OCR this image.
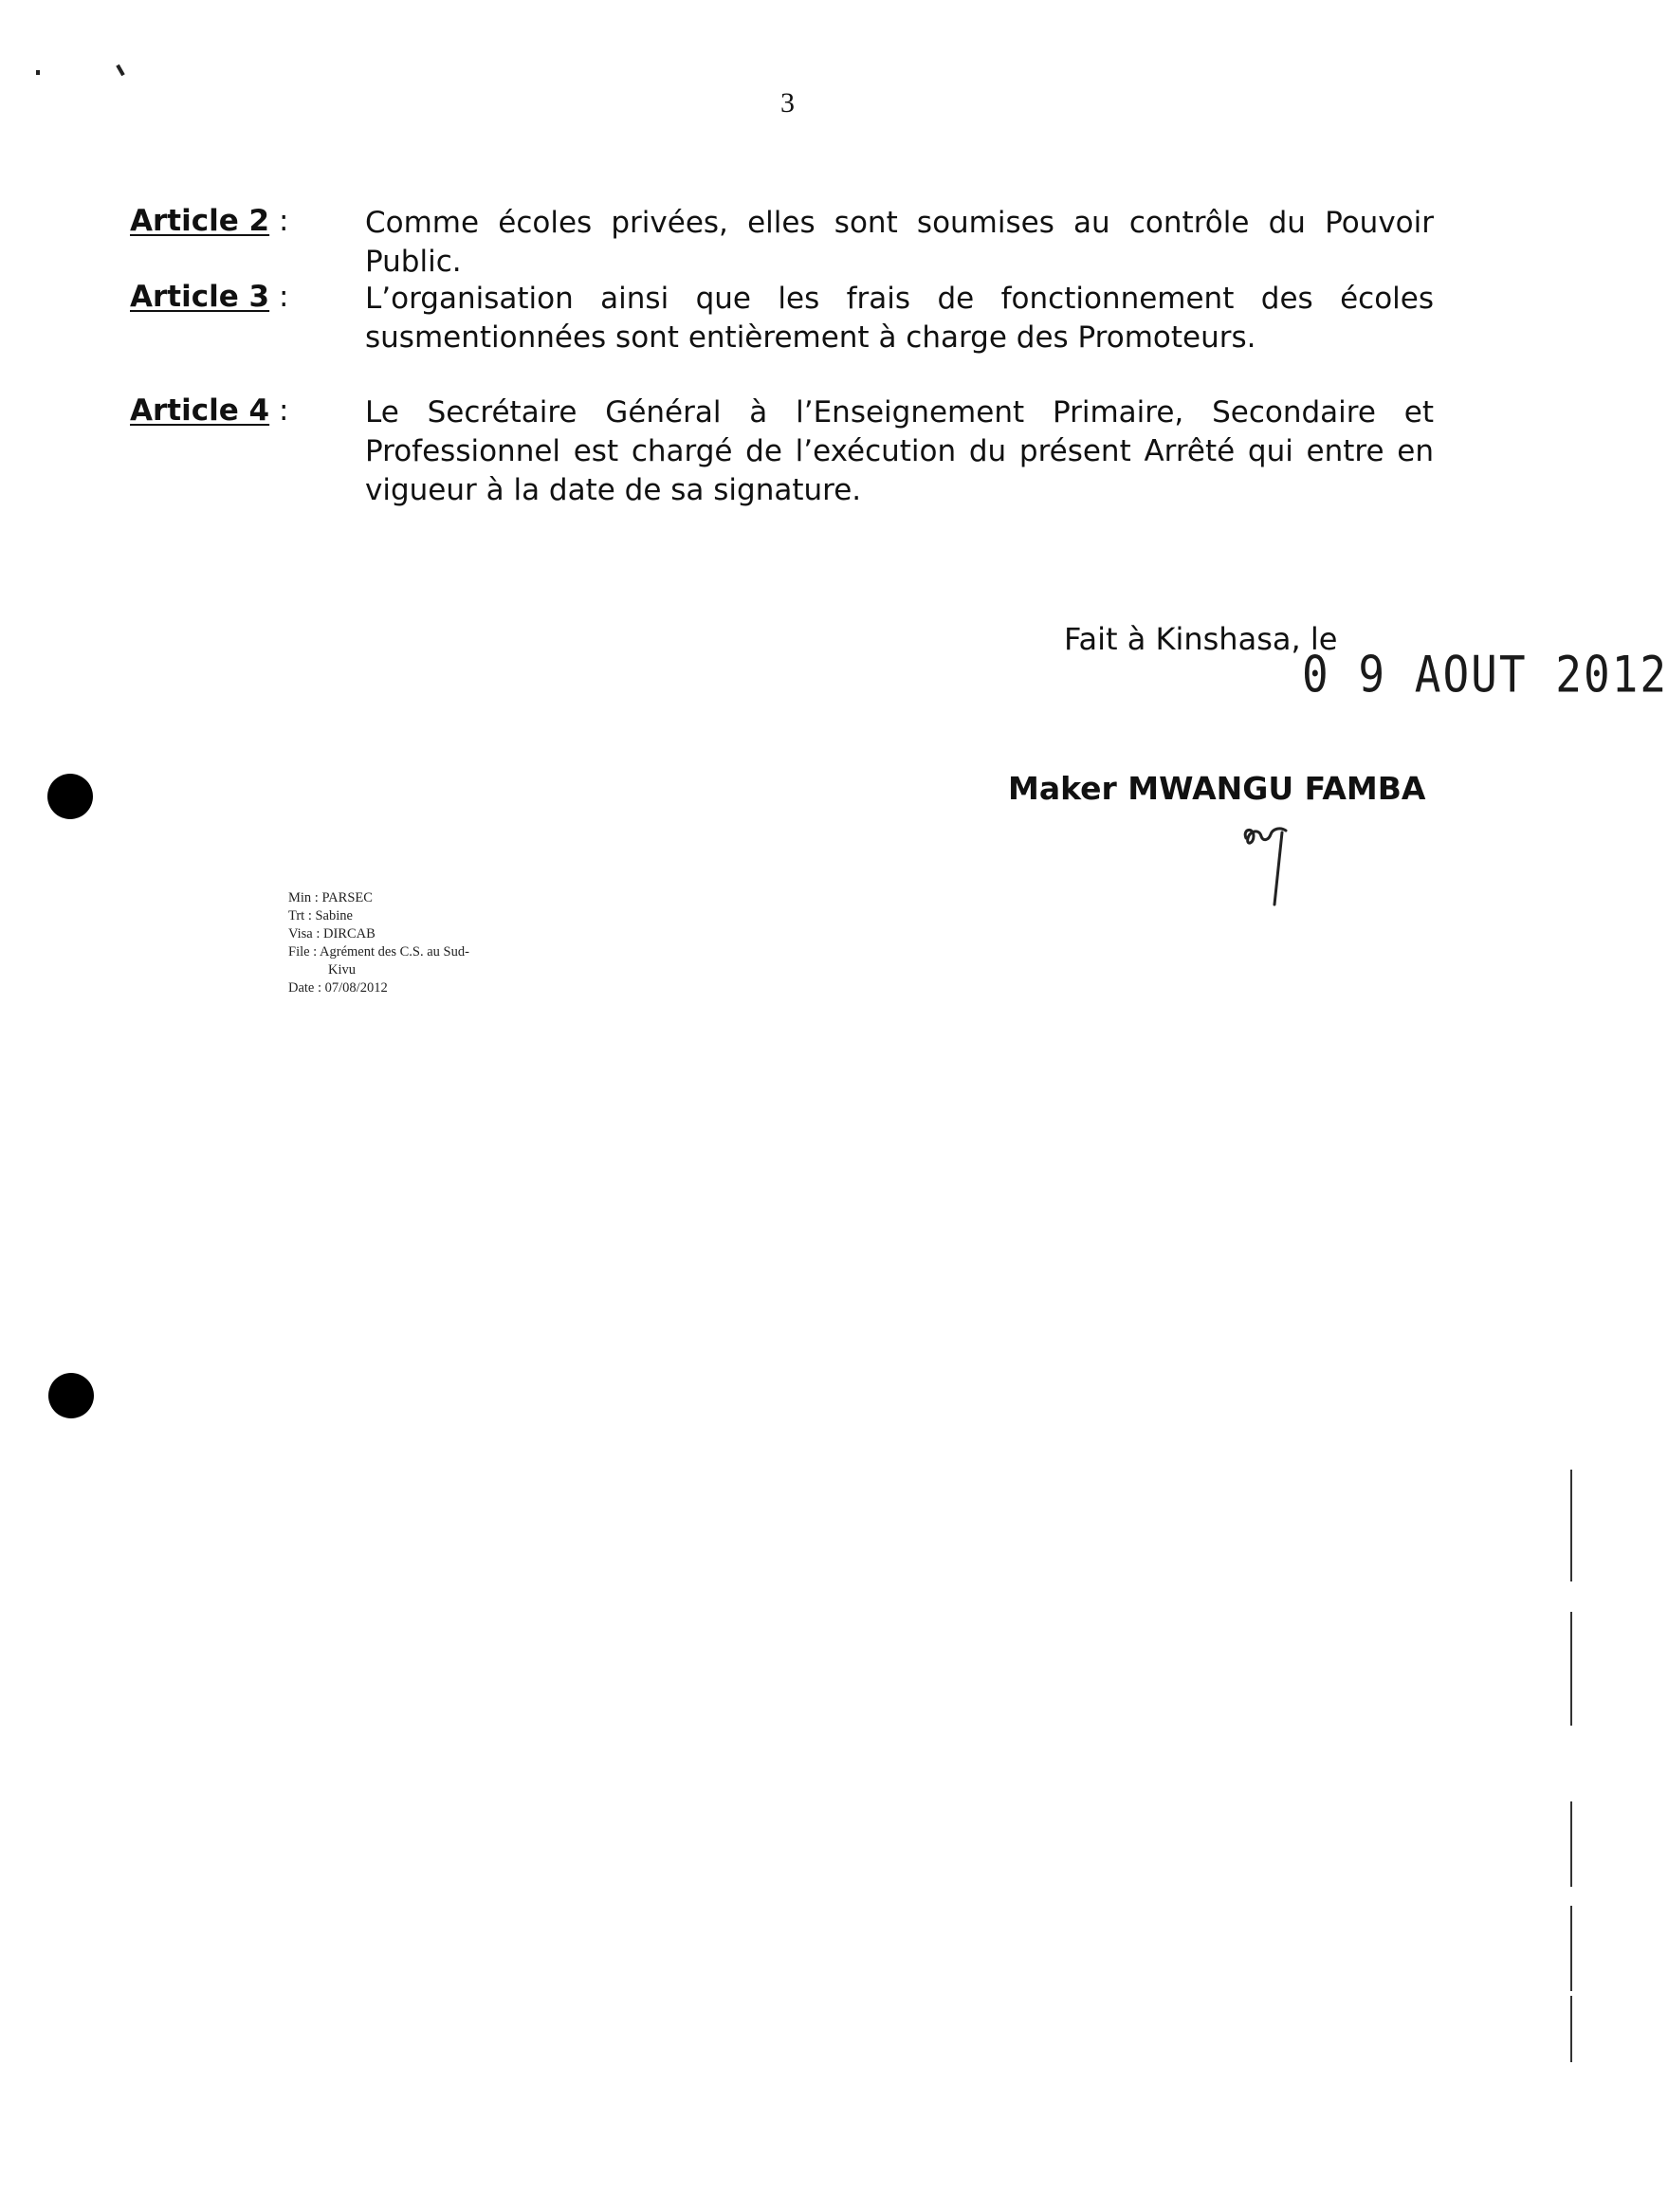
3
Article 2 :	Comme écoles privées, elles sont soumises au contrôle du Pouvoir Public.
Article 3 :	L’organisation ainsi que les frais de fonctionnement des écoles susmentionnées sont entièrement à charge des Promoteurs.
Article 4 :	Le Secrétaire Général à l’Enseignement Primaire, Secondaire et Professionnel est chargé de l’exécution du présent Arrêté qui entre en vigueur à la date de sa signature.
Fait à Kinshasa, le
0 9 AOUT 2012
Maker MWANGU FAMBA
Min : PARSEC
Trt : Sabine
Visa : DIRCAB
File : Agrément des C.S. au Sud-
Kivu
Date : 07/08/2012
